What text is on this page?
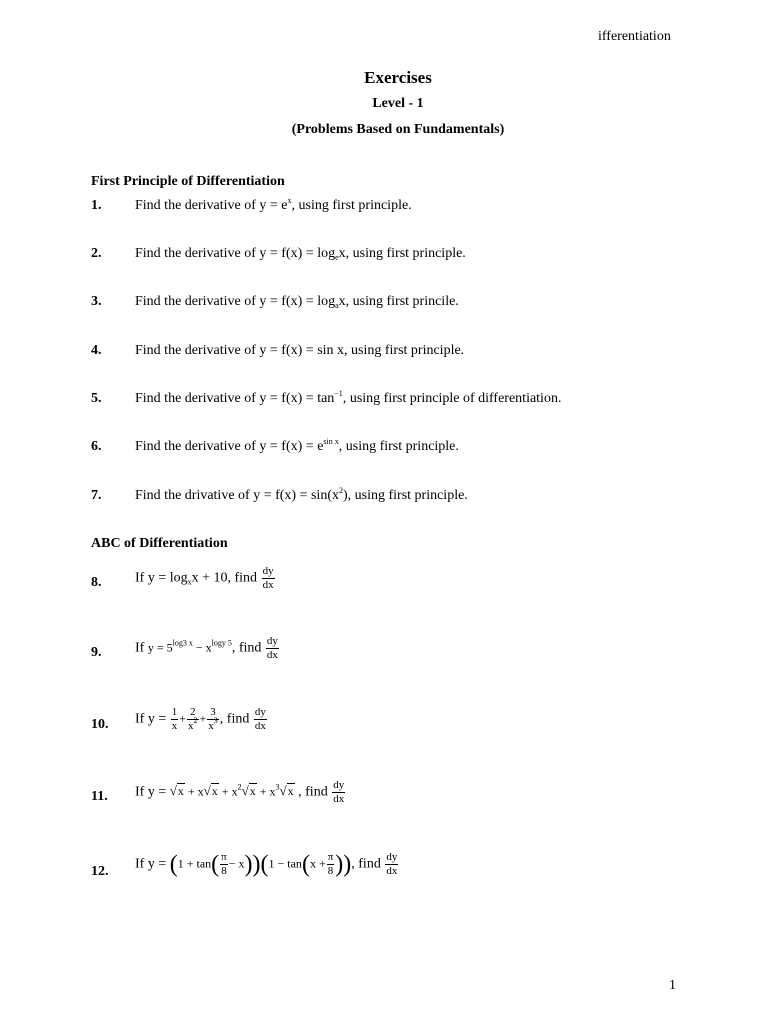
ifferentiation
Exercises
Level - 1
(Problems Based on Fundamentals)
First Principle of Differentiation
1. Find the derivative of $y = e^x$, using first principle.
2. Find the derivative of $y = f(x) = \log_ex$, using first principle.
3. Find the derivative of $y = f(x) = \log_ax$, using first princile.
4. Find the derivative of y = f(x) = sin x, using first principle.
5. Find the derivative of $y = f(x) = \tan^{-1}$, using first principle of differentiation.
6. Find the derivative of $y = f(x) = e^{sin x}$, using first principle.
7. Find the drivative of $y = f(x) = \sin(x^2)$, using first principle.
ABC of Differentiation
8. If $y = \log_xx + 10$, find $\frac{dy}{dx}$
9. If $y = 5^{log3 x} - x^{logy 5}$, find $\frac{dy}{dx}$
10. If $y = \frac{1}{x} + \frac{2}{x^2} + \frac{3}{x^3}$ , find $\frac{dy}{dx}$
11. If $y = √x + x√x + x^2√x + x^3√x$ , find $\frac{dy}{dx}$
12.
If $y = (1 + \tan( \frac{\pi}{8} - x))(1 - \tan(x + \frac{\pi}{8}$ )), find $\frac{dy}{dx}$
1
